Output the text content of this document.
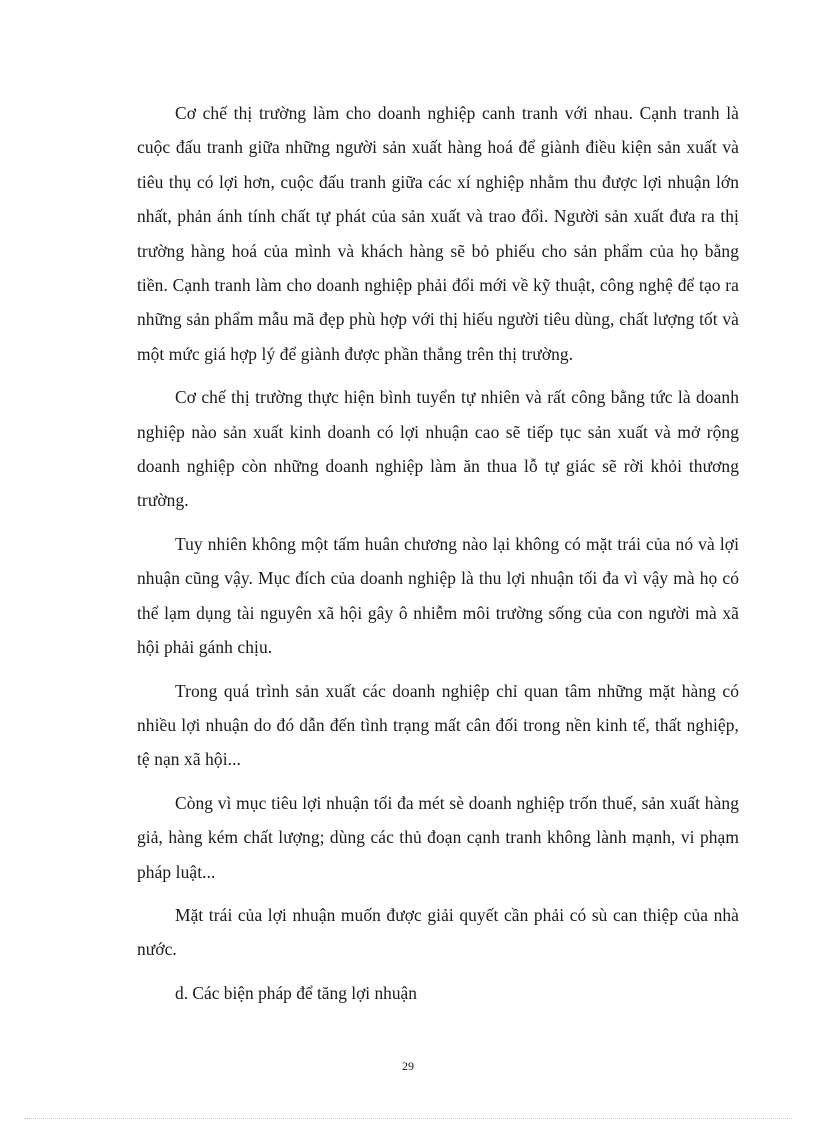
Cơ chế thị trường làm cho doanh nghiệp canh tranh với nhau. Cạnh tranh là cuộc đấu tranh giữa những người sản xuất hàng hoá để giành điều kiện sản xuất và tiêu thụ có lợi hơn, cuộc đấu tranh giữa các xí nghiệp nhằm thu được lợi nhuận lớn nhất, phản ánh tính chất tự phát của sản xuất và trao đổi. Người sản xuất đưa ra thị trường hàng hoá của mình và khách hàng sẽ bỏ phiếu cho sản phẩm của họ bằng tiền. Cạnh tranh làm cho doanh nghiệp phải đổi mới về kỹ thuật, công nghệ để tạo ra những sản phẩm mẫu mã đẹp phù hợp với thị hiếu người tiêu dùng, chất lượng tốt và một mức giá hợp lý để giành được phần thắng trên thị trường.

Cơ chế thị trường thực hiện bình tuyển tự nhiên và rất công bằng tức là doanh nghiệp nào sản xuất kinh doanh có lợi nhuận cao sẽ tiếp tục sản xuất và mở rộng doanh nghiệp còn những doanh nghiệp làm ăn thua lỗ tự giác sẽ rời khỏi thương trường.

Tuy nhiên không một tấm huân chương nào lại không có mặt trái của nó và lợi nhuận cũng vậy. Mục đích của doanh nghiệp là thu lợi nhuận tối đa vì vậy mà họ có thể lạm dụng tài nguyên xã hội gây ô nhiễm môi trường sống của con người mà xã hội phải gánh chịu.

Trong quá trình sản xuất các doanh nghiệp chỉ quan tâm những mặt hàng có nhiều lợi nhuận do đó dẫn đến tình trạng mất cân đối trong nền kinh tế, thất nghiệp, tệ nạn xã hội...

Còng vì mục tiêu lợi nhuận tối đa mét sè doanh nghiệp trốn thuế, sản xuất hàng giả, hàng kém chất lượng; dùng các thủ đoạn cạnh tranh không lành mạnh, vi phạm pháp luật...

Mặt trái của lợi nhuận muốn được giải quyết cần phải có sù can thiệp của nhà nước.

d. Các biện pháp để tăng lợi nhuận

29
